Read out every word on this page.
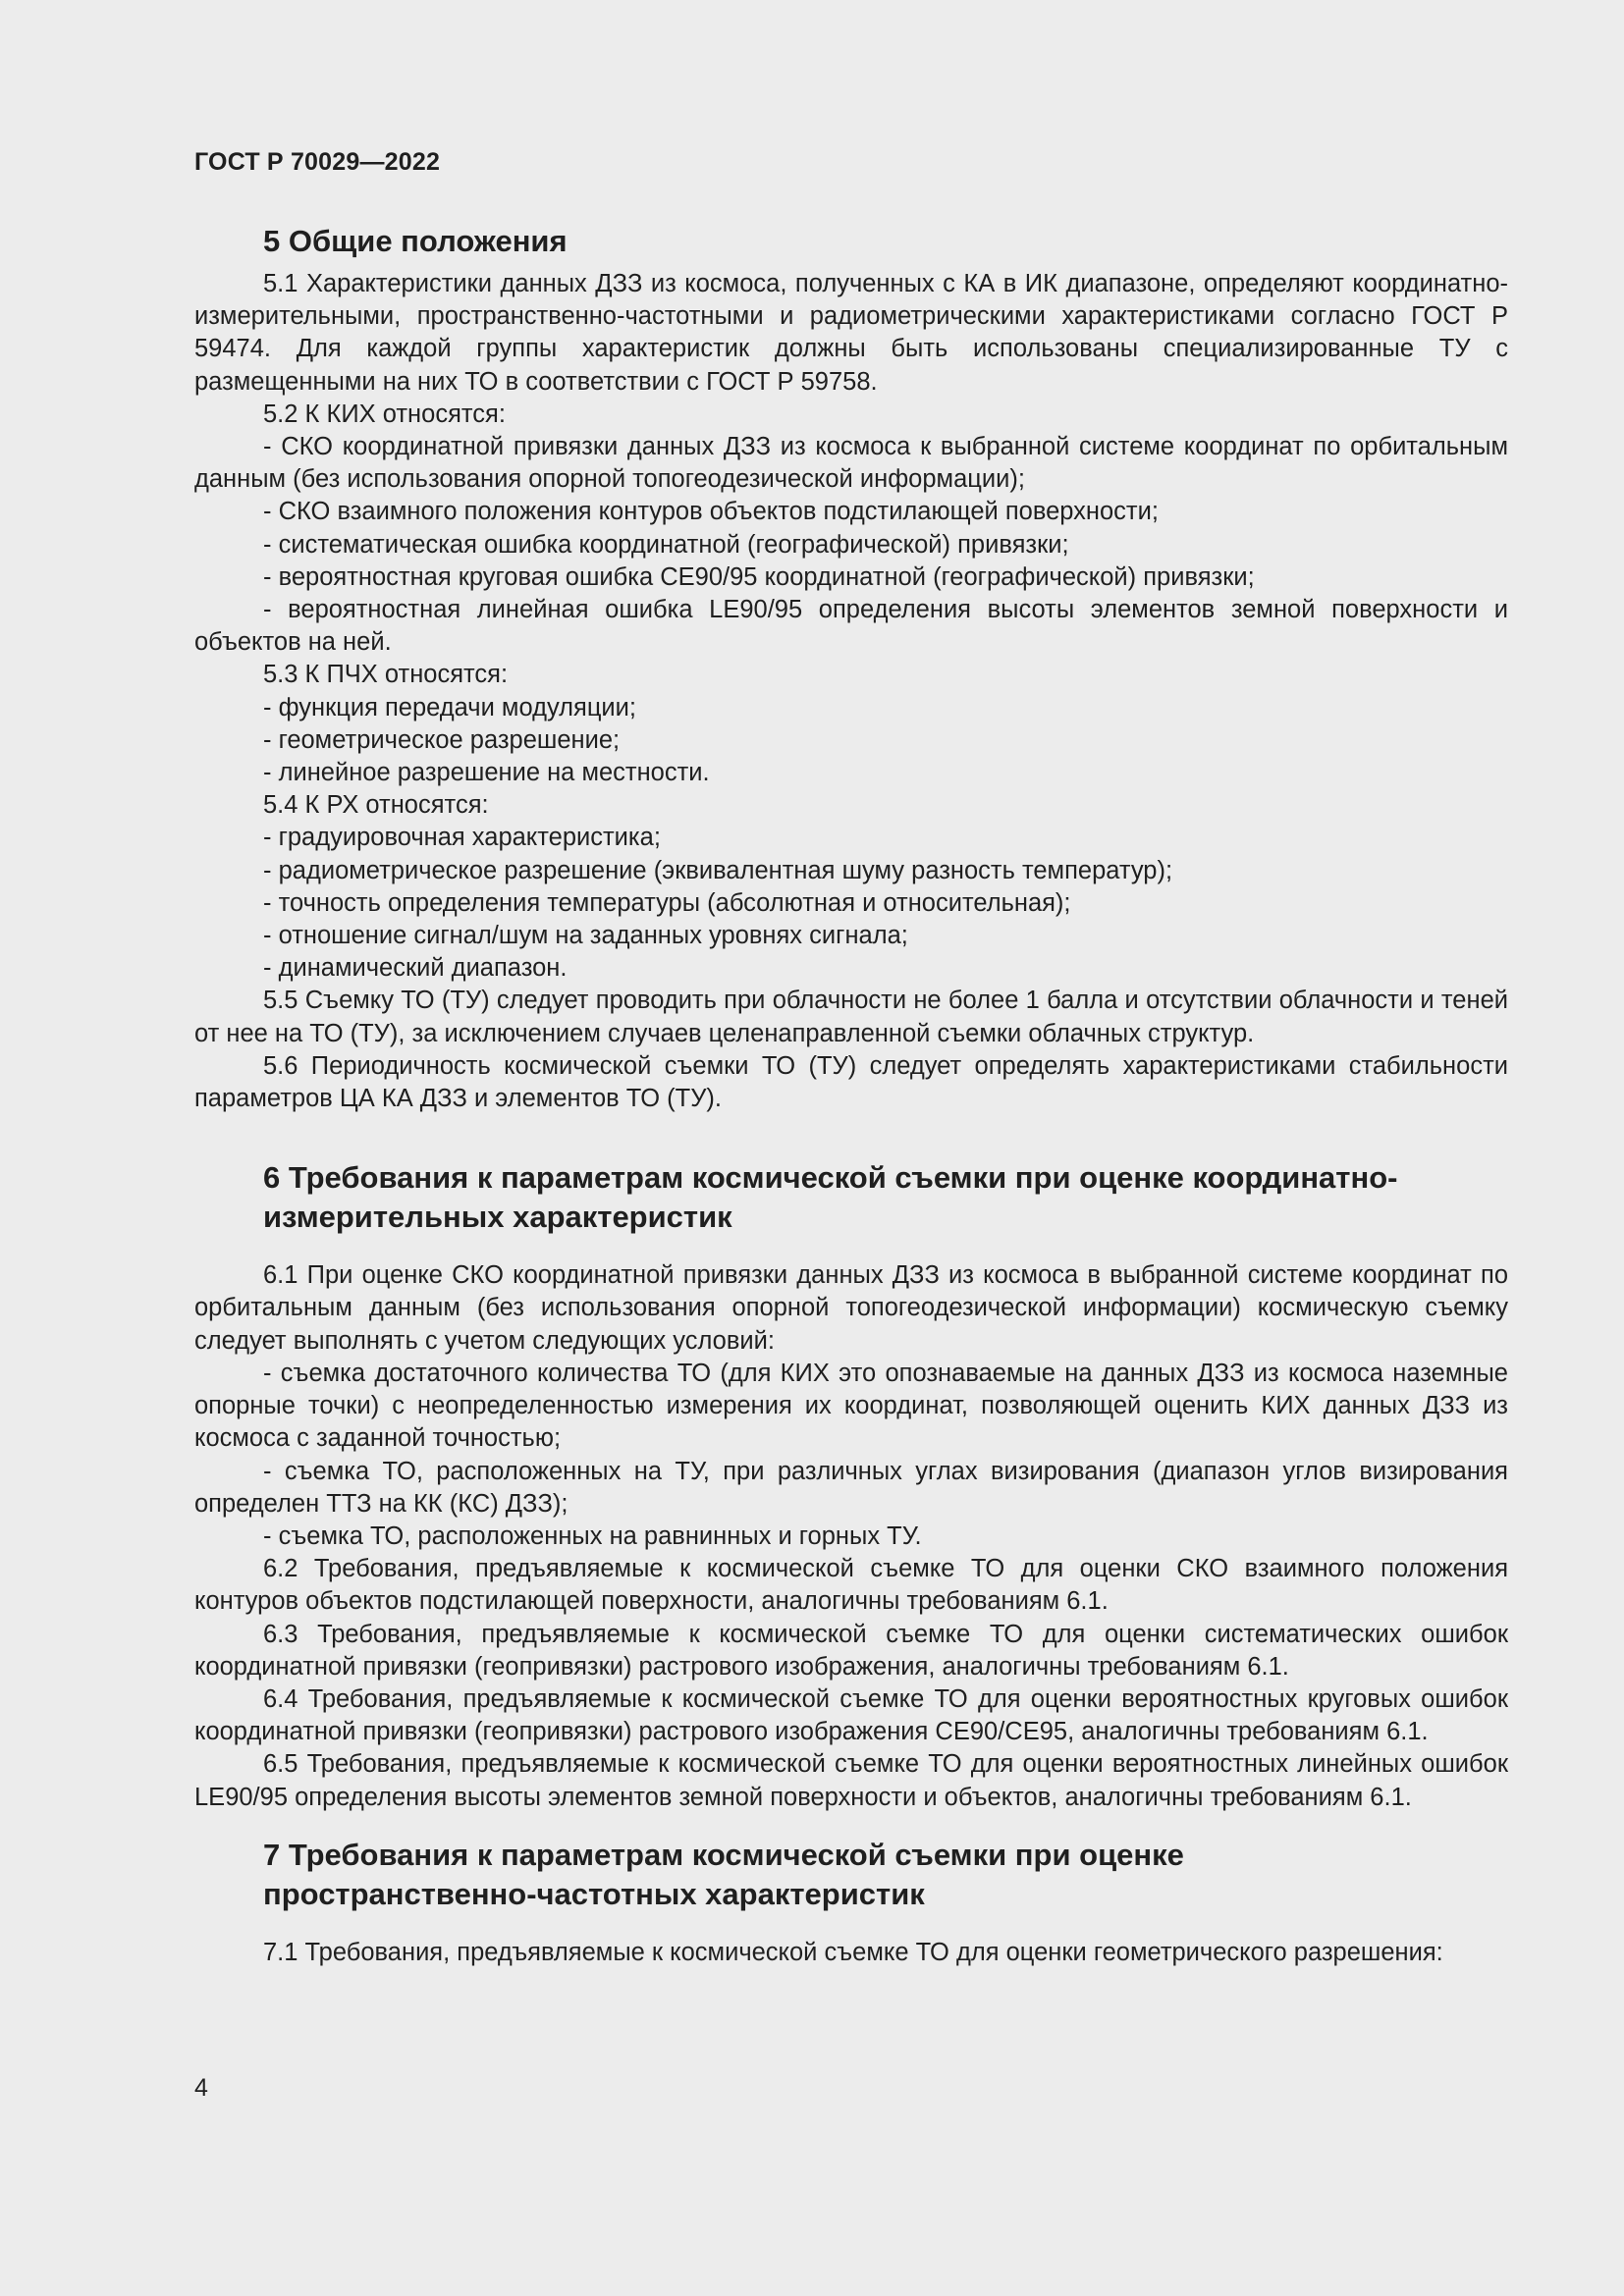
ГОСТ Р 70029—2022
5 Общие положения

5.1 Характеристики данных ДЗЗ из космоса, полученных с КА в ИК диапазоне, определяют координатно-измерительными, пространственно-частотными и радиометрическими характеристиками согласно ГОСТ Р 59474. Для каждой группы характеристик должны быть использованы специализированные ТУ с размещенными на них ТО в соответствии с ГОСТ Р 59758.

5.2 К КИХ относятся:

- СКО координатной привязки данных ДЗЗ из космоса к выбранной системе координат по орбитальным данным (без использования опорной топогеодезической информации);

- СКО взаимного положения контуров объектов подстилающей поверхности;

- систематическая ошибка координатной (географической) привязки;

- вероятностная круговая ошибка СЕ90/95 координатной (географической) привязки;

- вероятностная линейная ошибка LE90/95 определения высоты элементов земной поверхности и объектов на ней.

5.3 К ПЧХ относятся:

- функция передачи модуляции;

- геометрическое разрешение;

- линейное разрешение на местности.

5.4 К РХ относятся:

- градуировочная характеристика;

- радиометрическое разрешение (эквивалентная шуму разность температур);

- точность определения температуры (абсолютная и относительная);

- отношение сигнал/шум на заданных уровнях сигнала;

- динамический диапазон.

5.5 Съемку ТО (ТУ) следует проводить при облачности не более 1 балла и отсутствии облачности и теней от нее на ТО (ТУ), за исключением случаев целенаправленной съемки облачных структур.

5.6 Периодичность космической съемки ТО (ТУ) следует определять характеристиками стабильности параметров ЦА КА ДЗЗ и элементов ТО (ТУ).

6 Требования к параметрам космической съемки при оценке координатно-
измерительных характеристик

6.1 При оценке СКО координатной привязки данных ДЗЗ из космоса в выбранной системе координат по орбитальным данным (без использования опорной топогеодезической информации) космическую съемку следует выполнять с учетом следующих условий:

- съемка достаточного количества ТО (для КИХ это опознаваемые на данных ДЗЗ из космоса наземные опорные точки) с неопределенностью измерения их координат, позволяющей оценить КИХ данных ДЗЗ из космоса с заданной точностью;

- съемка ТО, расположенных на ТУ, при различных углах визирования (диапазон углов визирования определен ТТЗ на КК (КС) ДЗЗ);

- съемка ТО, расположенных на равнинных и горных ТУ.

6.2 Требования, предъявляемые к космической съемке ТО для оценки СКО взаимного положения контуров объектов подстилающей поверхности, аналогичны требованиям 6.1.

6.3 Требования, предъявляемые к космической съемке ТО для оценки систематических ошибок координатной привязки (геопривязки) растрового изображения, аналогичны требованиям 6.1.

6.4 Требования, предъявляемые к космической съемке ТО для оценки вероятностных круговых ошибок координатной привязки (геопривязки) растрового изображения СЕ90/СЕ95, аналогичны требованиям 6.1.

6.5 Требования, предъявляемые к космической съемке ТО для оценки вероятностных линейных ошибок LE90/95 определения высоты элементов земной поверхности и объектов, аналогичны требованиям 6.1.

7 Требования к параметрам космической съемки при оценке
пространственно-частотных характеристик

7.1 Требования, предъявляемые к космической съемке ТО для оценки геометрического разрешения:

4
